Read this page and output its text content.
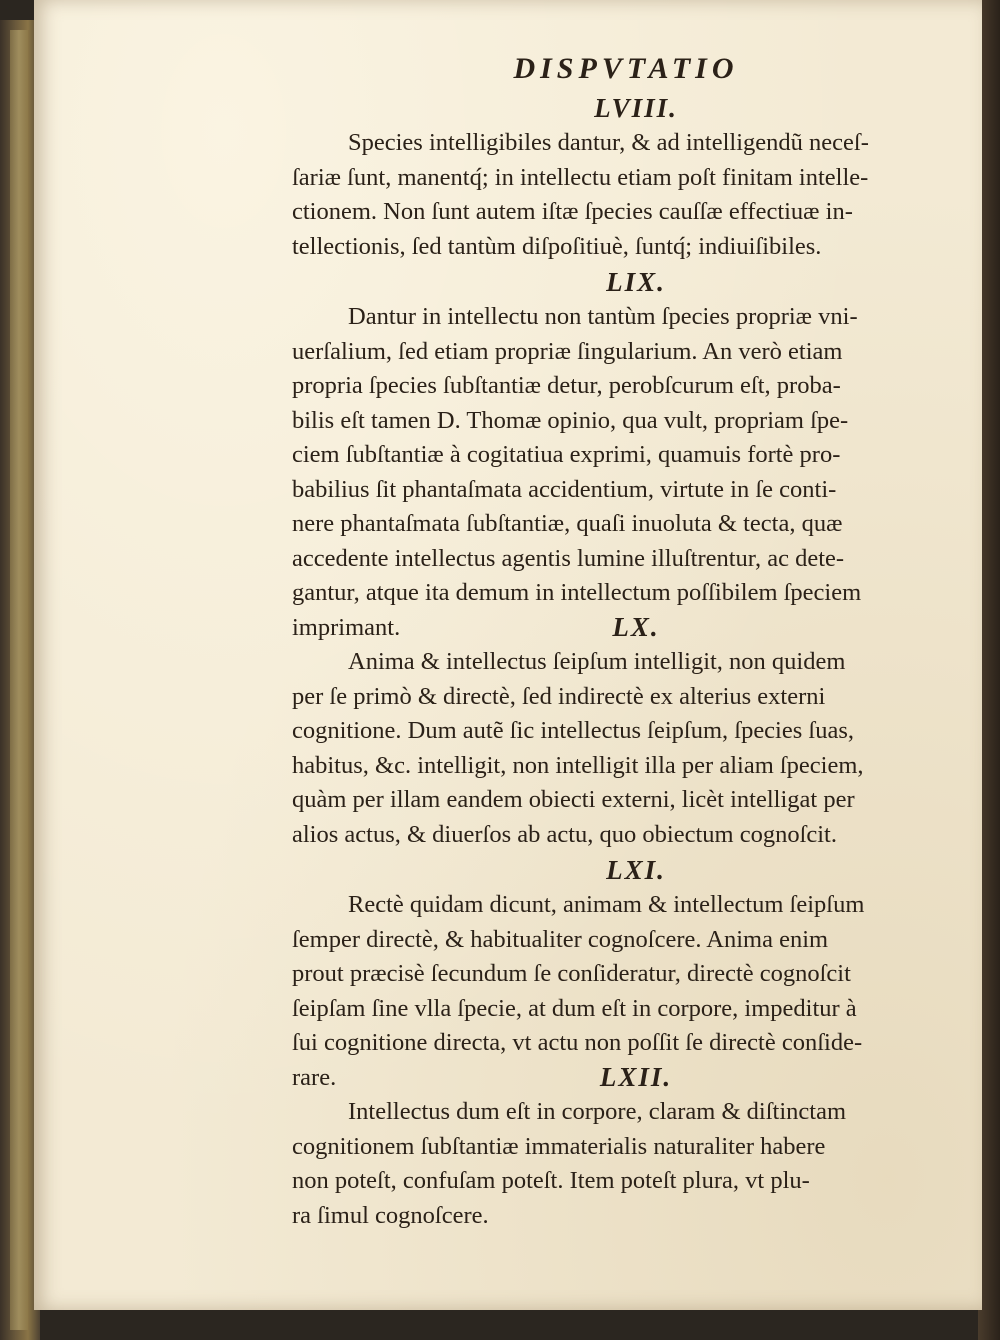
DISPVTATIO
LVIII.

Species intelligibiles dantur, & ad intelligendũ neceſ-
ſariæ ſunt, manentq́; in intellectu etiam poſt finitam intelle-
ctionem. Non ſunt autem iſtæ ſpecies cauſſæ effectiuæ in-
tellectionis, ſed tantùm diſpoſitiuè, ſuntq́; indiuiſibiles.

LIX.

Dantur in intellectu non tantùm ſpecies propriæ vni-
uerſalium, ſed etiam propriæ ſingularium. An verò etiam
propria ſpecies ſubſtantiæ detur, perobſcurum eſt, proba-
bilis eſt tamen D. Thomæ opinio, qua vult, propriam ſpe-
ciem ſubſtantiæ à cogitatiua exprimi, quamuis fortè pro-
babilius ſit phantaſmata accidentium, virtute in ſe conti-
nere phantaſmata ſubſtantiæ, quaſi inuoluta & tecta, quæ
accedente intellectus agentis lumine illuſtrentur, ac dete-
gantur, atque ita demum in intellectum poſſibilem ſpeciem
imprimant.	LX.

Anima & intellectus ſeipſum intelligit, non quidem
per ſe primò & directè, ſed indirectè ex alterius externi
cognitione. Dum autẽ ſic intellectus ſeipſum, ſpecies ſuas,
habitus, &c. intelligit, non intelligit illa per aliam ſpeciem,
quàm per illam eandem obiecti externi, licèt intelligat per
alios actus, & diuerſos ab actu, quo obiectum cognoſcit.

LXI.

Rectè quidam dicunt, animam & intellectum ſeipſum
ſemper directè, & habitualiter cognoſcere. Anima enim
prout præcisè ſecundum ſe conſideratur, directè cognoſcit
ſeipſam ſine vlla ſpecie, at dum eſt in corpore, impeditur à
ſui cognitione directa, vt actu non poſſit ſe directè conſide-
rare.	LXII.

Intellectus dum eſt in corpore, claram & diſtinctam
cognitionem ſubſtantiæ immaterialis naturaliter habere
non poteſt, confuſam poteſt. Item poteſt plura, vt plu-
ra ſimul cognoſcere.
